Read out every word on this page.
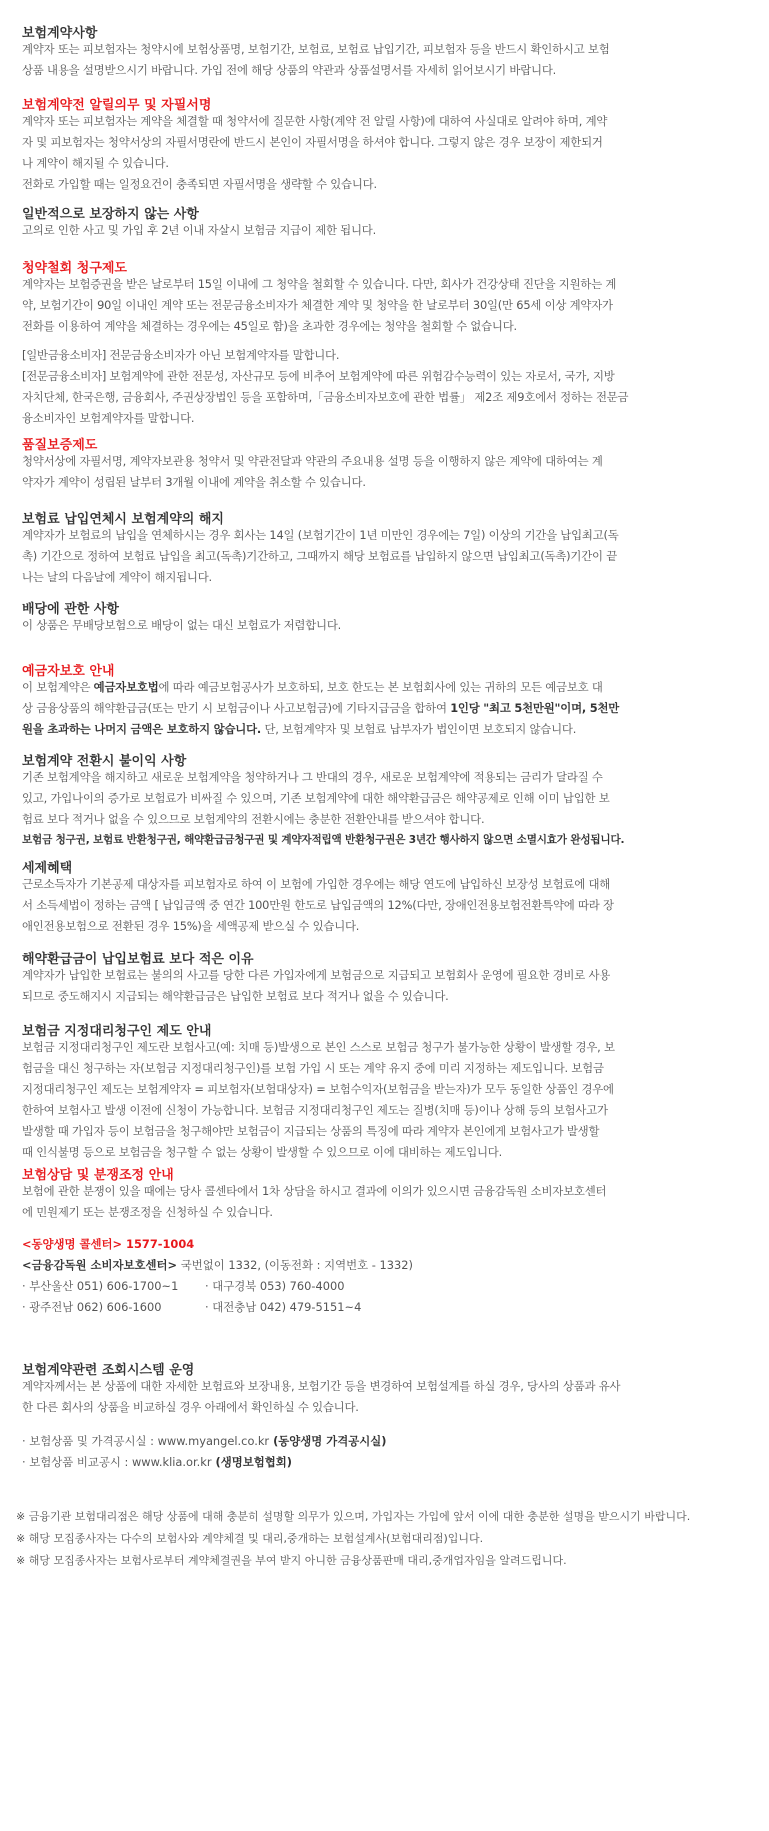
보험계약사항
계약자 또는 피보험자는 청약시에 보험상품명, 보험기간, 보험료, 보험료 납입기간, 피보험자 등을 반드시 확인하시고 보험
상품 내용을 설명받으시기 바랍니다. 가입 전에 해당 상품의 약관과 상품설명서를 자세히 읽어보시기 바랍니다.
보험계약전 알릴의무 및 자필서명
계약자 또는 피보험자는 계약을 체결할 때 청약서에 질문한 사항(계약 전 알릴 사항)에 대하여 사실대로 알려야 하며, 계약
자 및 피보험자는 청약서상의 자필서명란에 반드시 본인이 자필서명을 하셔야 합니다. 그렇지 않은 경우 보장이 제한되거
나 계약이 해지될 수 있습니다.
전화로 가입할 때는 일정요건이 충족되면 자필서명을 생략할 수 있습니다.
일반적으로 보장하지 않는 사항
고의로 인한 사고 및 가입 후 2년 이내 자살시 보험금 지급이 제한 됩니다.
청약철회 청구제도
계약자는 보험증권을 받은 날로부터 15일 이내에 그 청약을 철회할 수 있습니다. 다만, 회사가 건강상태 진단을 지원하는 계
약, 보험기간이 90일 이내인 계약 또는 전문금융소비자가 체결한 계약 및 청약을 한 날로부터 30일(만 65세 이상 계약자가
전화를 이용하여 계약을 체결하는 경우에는 45일로 함)을 초과한 경우에는 청약을 철회할 수 없습니다.
[일반금융소비자] 전문금융소비자가 아닌 보험계약자를 말합니다.
[전문금융소비자] 보험계약에 관한 전문성, 자산규모 등에 비추어 보험계약에 따른 위험감수능력이 있는 자로서, 국가, 지방
자치단체, 한국은행, 금융회사, 주권상장법인 등을 포함하며,「금융소비자보호에 관한 법률」 제2조 제9호에서 정하는 전문금
융소비자인 보험계약자를 말합니다.
품질보증제도
청약서상에 자필서명, 계약자보관용 청약서 및 약관전달과 약관의 주요내용 설명 등을 이행하지 않은 계약에 대하여는 계
약자가 계약이 성립된 날부터 3개월 이내에 계약을 취소할 수 있습니다.
보험료 납입연체시 보험계약의 해지
계약자가 보험료의 납입을 연체하시는 경우 회사는 14일 (보험기간이 1년 미만인 경우에는 7일) 이상의 기간을 납입최고(독
촉) 기간으로 정하여 보험료 납입을 최고(독촉)기간하고, 그때까지 해당 보험료를 납입하지 않으면 납입최고(독촉)기간이 끝
나는 날의 다음날에 계약이 해지됩니다.
배당에 관한 사항
이 상품은 무배당보험으로 배당이 없는 대신 보험료가 저렴합니다.
예금자보호 안내
이 보험계약은 예금자보호법에 따라 예금보험공사가 보호하되, 보호 한도는 본 보험회사에 있는 귀하의 모든 예금보호 대
상 금융상품의 해약환급금(또는 만기 시 보험금이나 사고보험금)에 기타지급금을 합하여 1인당 "최고 5천만원"이며, 5천만
원을 초과하는 나머지 금액은 보호하지 않습니다. 단, 보험계약자 및 보험료 납부자가 법인이면 보호되지 않습니다.
보험계약 전환시 불이익 사항
기존 보험계약을 해지하고 새로운 보험계약을 청약하거나 그 반대의 경우, 새로운 보험계약에 적용되는 금리가 달라질 수
있고, 가입나이의 증가로 보험료가 비싸질 수 있으며, 기존 보험계약에 대한 해약환급금은 해약공제로 인해 이미 납입한 보
험료 보다 적거나 없을 수 있으므로 보험계약의 전환시에는 충분한 전환안내를 받으셔야 합니다.
보험금 청구권, 보험료 반환청구권, 해약환급금청구권 및 계약자적립액 반환청구권은 3년간 행사하지 않으면 소멸시효가 완성됩니다.
세제혜택
근로소득자가 기본공제 대상자를 피보험자로 하여 이 보험에 가입한 경우에는 해당 연도에 납입하신 보장성 보험료에 대해
서 소득세법이 정하는 금액 [ 납입금액 중 연간 100만원 한도로 납입금액의 12%(다만, 장애인전용보험전환특약에 따라 장
애인전용보험으로 전환된 경우 15%)을 세액공제 받으실 수 있습니다.
해약환급금이 납입보험료 보다 적은 이유
계약자가 납입한 보험료는 불의의 사고를 당한 다른 가입자에게 보험금으로 지급되고 보험회사 운영에 필요한 경비로 사용
되므로 중도해지시 지급되는 해약환급금은 납입한 보험료 보다 적거나 없을 수 있습니다.
보험금 지정대리청구인 제도 안내
보험금 지정대리청구인 제도란 보험사고(예: 치매 등)발생으로 본인 스스로 보험금 청구가 불가능한 상황이 발생할 경우, 보
험금을 대신 청구하는 자(보험금 지정대리청구인)를 보험 가입 시 또는 계약 유지 중에 미리 지정하는 제도입니다. 보험금
지정대리청구인 제도는 보험계약자 = 피보험자(보험대상자) = 보험수익자(보험금을 받는자)가 모두 동일한 상품인 경우에
한하여 보험사고 발생 이전에 신청이 가능합니다. 보험금 지정대리청구인 제도는 질병(치매 등)이나 상해 등의 보험사고가
발생할 때 가입자 등이 보험금을 청구해야만 보험금이 지급되는 상품의 특징에 따라 계약자 본인에게 보험사고가 발생할
때 인식불명 등으로 보험금을 청구할 수 없는 상황이 발생할 수 있으므로 이에 대비하는 제도입니다.
보험상담 및 분쟁조정 안내
보험에 관한 분쟁이 있을 때에는 당사 콜센타에서 1차 상담을 하시고 결과에 이의가 있으시면 금융감독원 소비자보호센터
에 민원제기 또는 분쟁조정을 신청하실 수 있습니다.
<동양생명 콜센터> 1577-1004
<금융감독원 소비자보호센터> 국번없이 1332, (이동전화 : 지역번호 - 1332)
· 부산울산 051) 606-1700~1 · 대구경북 053) 760-4000
· 광주전남 062) 606-1600	· 대전충남 042) 479-5151~4
보험계약관련 조회시스템 운영
계약자께서는 본 상품에 대한 자세한 보험료와 보장내용, 보험기간 등을 변경하여 보험설계를 하실 경우, 당사의 상품과 유사
한 다른 회사의 상품을 비교하실 경우 아래에서 확인하실 수 있습니다.
· 보험상품 및 가격공시실 : www.myangel.co.kr (동양생명 가격공시실)
· 보험상품 비교공시 : www.klia.or.kr (생명보험협회)
※ 금융기관 보험대리점은 해당 상품에 대해 충분히 설명할 의무가 있으며, 가입자는 가입에 앞서 이에 대한 충분한 설명을 받으시기 바랍니다.
※ 해당 모집종사자는 다수의 보험사와 계약체결 및 대리,중개하는 보험설계사(보험대리점)입니다.
※ 해당 모집종사자는 보험사로부터 계약체결권을 부여 받지 아니한 금융상품판매 대리,중개업자임을 알려드립니다.
